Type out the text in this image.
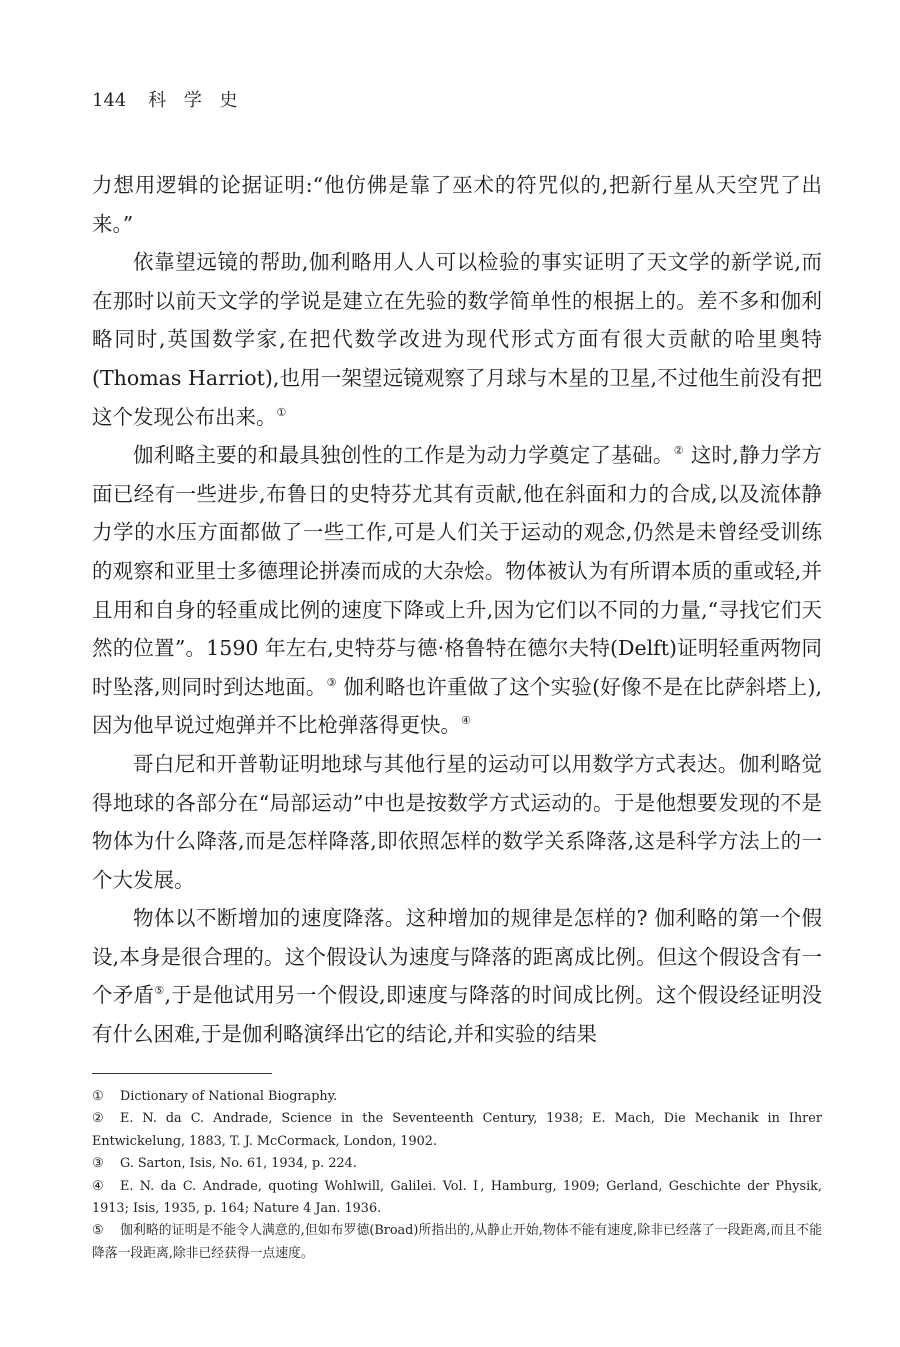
144 科 学 史

力想用逻辑的论据证明:“他仿佛是靠了巫术的符咒似的,把新行星从天空咒了出来。”

依靠望远镜的帮助,伽利略用人人可以检验的事实证明了天文学的新学说,而在那时以前天文学的学说是建立在先验的数学简单性的根据上的。差不多和伽利略同时,英国数学家,在把代数学改进为现代形式方面有很大贡献的哈里奥特(Thomas Harriot),也用一架望远镜观察了月球与木星的卫星,不过他生前没有把这个发现公布出来。①

伽利略主要的和最具独创性的工作是为动力学奠定了基础。② 这时,静力学方面已经有一些进步,布鲁日的史特芬尤其有贡献,他在斜面和力的合成,以及流体静力学的水压方面都做了一些工作,可是人们关于运动的观念,仍然是未曾经受训练的观察和亚里士多德理论拼凑而成的大杂烩。物体被认为有所谓本质的重或轻,并且用和自身的轻重成比例的速度下降或上升,因为它们以不同的力量,“寻找它们天然的位置”。1590 年左右,史特芬与德·格鲁特在德尔夫特(Delft)证明轻重两物同时坠落,则同时到达地面。③ 伽利略也许重做了这个实验(好像不是在比萨斜塔上),因为他早说过炮弹并不比枪弹落得更快。④

哥白尼和开普勒证明地球与其他行星的运动可以用数学方式表达。伽利略觉得地球的各部分在“局部运动”中也是按数学方式运动的。于是他想要发现的不是物体为什么降落,而是怎样降落,即依照怎样的数学关系降落,这是科学方法上的一个大发展。

物体以不断增加的速度降落。这种增加的规律是怎样的? 伽利略的第一个假设,本身是很合理的。这个假设认为速度与降落的距离成比例。但这个假设含有一个矛盾⑤,于是他试用另一个假设,即速度与降落的时间成比例。这个假设经证明没有什么困难,于是伽利略演绎出它的结论,并和实验的结果

① Dictionary of National Biography.

② E. N. da C. Andrade, Science in the Seventeenth Century, 1938; E. Mach, Die Mechanik in Ihrer Entwickelung, 1883, T. J. McCormack, London, 1902.

③ G. Sarton, Isis, No. 61, 1934, p. 224.

④ E. N. da C. Andrade, quoting Wohlwill, Galilei. Vol. Ⅰ, Hamburg, 1909; Gerland, Geschichte der Physik, 1913; Isis, 1935, p. 164; Nature 4 Jan. 1936.

⑤ 伽利略的证明是不能令人满意的,但如布罗德(Broad)所指出的,从静止开始,物体不能有速度,除非已经落了一段距离,而且不能降落一段距离,除非已经获得一点速度。
